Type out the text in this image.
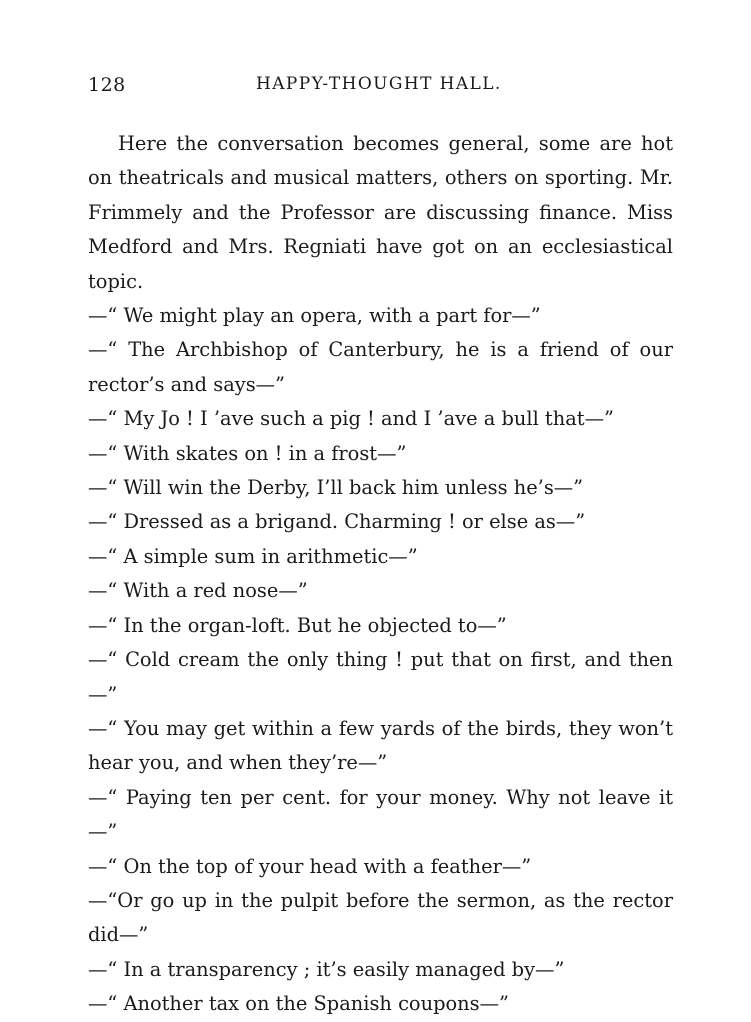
128	HAPPY-THOUGHT HALL.

Here the conversation becomes general, some are hot on theatricals and musical matters, others on sporting. Mr. Frimmely and the Professor are discussing finance. Miss Medford and Mrs. Regniati have got on an ecclesiastical topic.

—“ We might play an opera, with a part for—”

—“ The Archbishop of Canterbury, he is a friend of our rector’s and says—”

—“ My Jo ! I ’ave such a pig ! and I ’ave a bull that—”

—“ With skates on ! in a frost—”

—“ Will win the Derby, I’ll back him unless he’s—”

—“ Dressed as a brigand. Charming ! or else as—”

—“ A simple sum in arithmetic—”

—“ With a red nose—”

—“ In the organ-loft. But he objected to—”

—“ Cold cream the only thing ! put that on first, and then—”

—“ You may get within a few yards of the birds, they won’t hear you, and when they’re—”

—“ Paying ten per cent. for your money. Why not leave it—”

—“ On the top of your head with a feather—”

—“Or go up in the pulpit before the sermon, as the rector did—”

—“ In a transparency ; it’s easily managed by—”

—“ Another tax on the Spanish coupons—”
